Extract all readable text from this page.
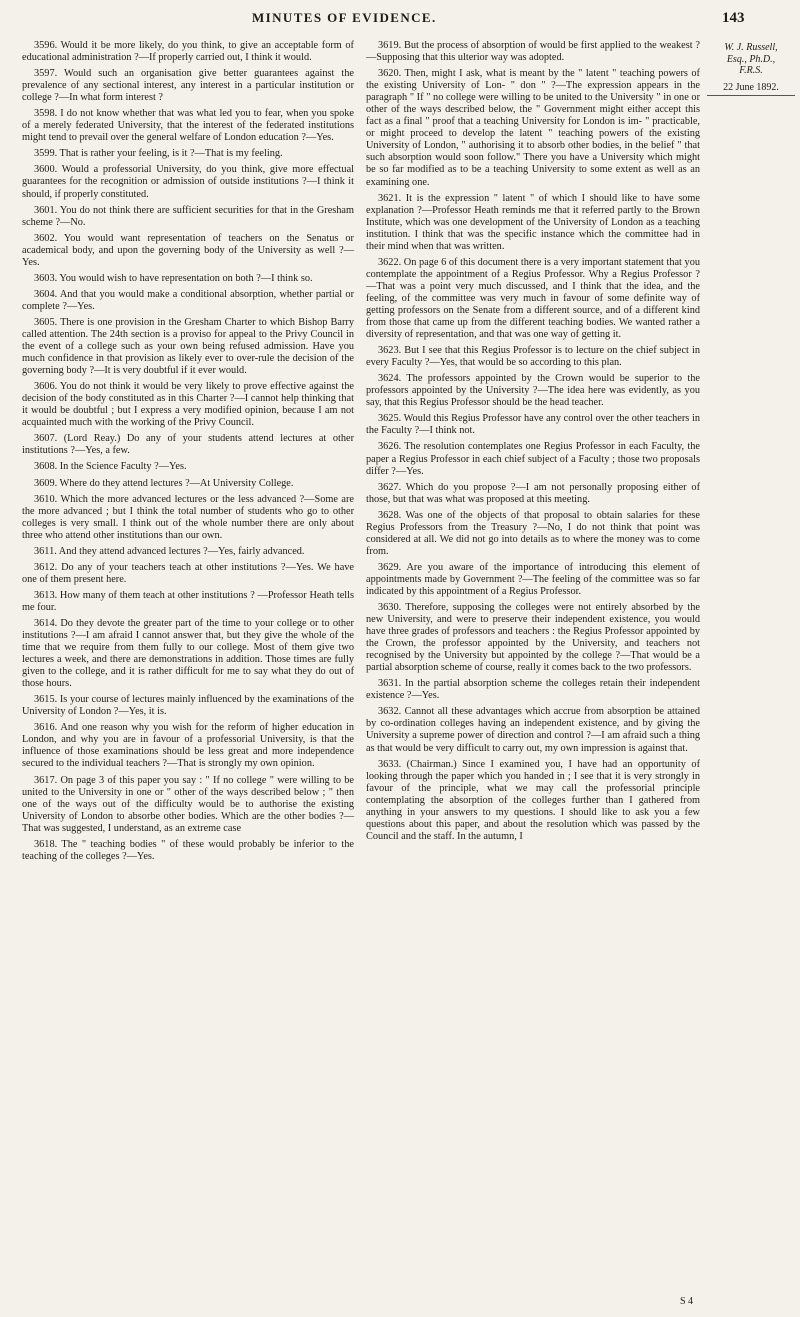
MINUTES OF EVIDENCE.	143

3596. Would it be more likely, do you think, to give an acceptable form of educational administration ?—If properly carried out, I think it would.

3597. Would such an organisation give better guarantees against the prevalence of any sectional interest, any interest in a particular institution or college ?—In what form interest ?

3598. I do not know whether that was what led you to fear, when you spoke of a merely federated University, that the interest of the federated institutions might tend to prevail over the general welfare of London education ?—Yes.

3599. That is rather your feeling, is it ?—That is my feeling.

3600. Would a professorial University, do you think, give more effectual guarantees for the recognition or admission of outside institutions ?—I think it should, if properly constituted.

3601. You do not think there are sufficient securities for that in the Gresham scheme ?—No.

3602. You would want representation of teachers on the Senatus or academical body, and upon the governing body of the University as well ?—Yes.

3603. You would wish to have representation on both ?—I think so.

3604. And that you would make a conditional absorption, whether partial or complete ?—Yes.

3605. There is one provision in the Gresham Charter to which Bishop Barry called attention. The 24th section is a proviso for appeal to the Privy Council in the event of a college such as your own being refused admission. Have you much confidence in that provision as likely ever to over-rule the decision of the governing body ?—It is very doubtful if it ever would.

3606. You do not think it would be very likely to prove effective against the decision of the body constituted as in this Charter ?—I cannot help thinking that it would be doubtful ; but I express a very modified opinion, because I am not acquainted much with the working of the Privy Council.

3607. (Lord Reay.) Do any of your students attend lectures at other institutions ?—Yes, a few.

3608. In the Science Faculty ?—Yes.

3609. Where do they attend lectures ?—At University College.

3610. Which the more advanced lectures or the less advanced ?—Some are the more advanced ; but I think the total number of students who go to other colleges is very small. I think out of the whole number there are only about three who attend other institutions than our own.

3611. And they attend advanced lectures ?—Yes, fairly advanced.

3612. Do any of your teachers teach at other institutions ?—Yes. We have one of them present here.

3613. How many of them teach at other institutions ? —Professor Heath tells me four.

3614. Do they devote the greater part of the time to your college or to other institutions ?—I am afraid I cannot answer that, but they give the whole of the time that we require from them fully to our college. Most of them give two lectures a week, and there are demonstrations in addition. Those times are fully given to the college, and it is rather difficult for me to say what they do out of those hours.

3615. Is your course of lectures mainly influenced by the examinations of the University of London ?—Yes, it is.

3616. And one reason why you wish for the reform of higher education in London, and why you are in favour of a professorial University, is that the influence of those examinations should be less great and more independence secured to the individual teachers ?—That is strongly my own opinion.

3617. On page 3 of this paper you say : " If no college " were willing to be united to the University in one or " other of the ways described below ; " then one of the ways out of the difficulty would be to authorise the existing University of London to absorbe other bodies. Which are the other bodies ?—That was suggested, I understand, as an extreme case

3618. The " teaching bodies " of these would probably be inferior to the teaching of the colleges ?—Yes.

3619. But the process of absorption of would be first applied to the weakest ?—Supposing that this ulterior way was adopted.

3620. Then, might I ask, what is meant by the " latent " teaching powers of the existing University of Lon- " don " ?—The expression appears in the paragraph " If " no college were willing to be united to the University " in one or other of the ways described below, the " Government might either accept this fact as a final " proof that a teaching University for London is im- " practicable, or might proceed to develop the latent " teaching powers of the existing University of London, " authorising it to absorb other bodies, in the belief " that such absorption would soon follow." There you have a University which might be so far modified as to be a teaching University to some extent as well as an examining one.

3621. It is the expression " latent " of which I should like to have some explanation ?—Professor Heath reminds me that it referred partly to the Brown Institute, which was one development of the University of London as a teaching institution. I think that was the specific instance which the committee had in their mind when that was written.

3622. On page 6 of this document there is a very important statement that you contemplate the appointment of a Regius Professor. Why a Regius Professor ? —That was a point very much discussed, and I think that the idea, and the feeling, of the committee was very much in favour of some definite way of getting professors on the Senate from a different source, and of a different kind from those that came up from the different teaching bodies. We wanted rather a diversity of representation, and that was one way of getting it.

3623. But I see that this Regius Professor is to lecture on the chief subject in every Faculty ?—Yes, that would be so according to this plan.

3624. The professors appointed by the Crown would be superior to the professors appointed by the University ?—The idea here was evidently, as you say, that this Regius Professor should be the head teacher.

3625. Would this Regius Professor have any control over the other teachers in the Faculty ?—I think not.

3626. The resolution contemplates one Regius Professor in each Faculty, the paper a Regius Professor in each chief subject of a Faculty ; those two proposals differ ?—Yes.

3627. Which do you propose ?—I am not personally proposing either of those, but that was what was proposed at this meeting.

3628. Was one of the objects of that proposal to obtain salaries for these Regius Professors from the Treasury ?—No, I do not think that point was considered at all. We did not go into details as to where the money was to come from.

3629. Are you aware of the importance of introducing this element of appointments made by Government ?—The feeling of the committee was so far indicated by this appointment of a Regius Professor.

3630. Therefore, supposing the colleges were not entirely absorbed by the new University, and were to preserve their independent existence, you would have three grades of professors and teachers : the Regius Professor appointed by the Crown, the professor appointed by the University, and teachers not recognised by the University but appointed by the college ?—That would be a partial absorption scheme of course, really it comes back to the two professors.

3631. In the partial absorption scheme the colleges retain their independent existence ?—Yes.

3632. Cannot all these advantages which accrue from absorption be attained by co-ordination colleges having an independent existence, and by giving the University a supreme power of direction and control ?—I am afraid such a thing as that would be very difficult to carry out, my own impression is against that.

3633. (Chairman.) Since I examined you, I have had an opportunity of looking through the paper which you handed in ; I see that it is very strongly in favour of the principle, what we may call the professorial principle contemplating the absorption of the colleges further than I gathered from anything in your answers to my questions. I should like to ask you a few questions about this paper, and about the resolution which was passed by the Council and the staff. In the autumn, I

W. J. Russell,
Esq., Ph.D.,
F.R.S.
22 June 1892.
S 4
